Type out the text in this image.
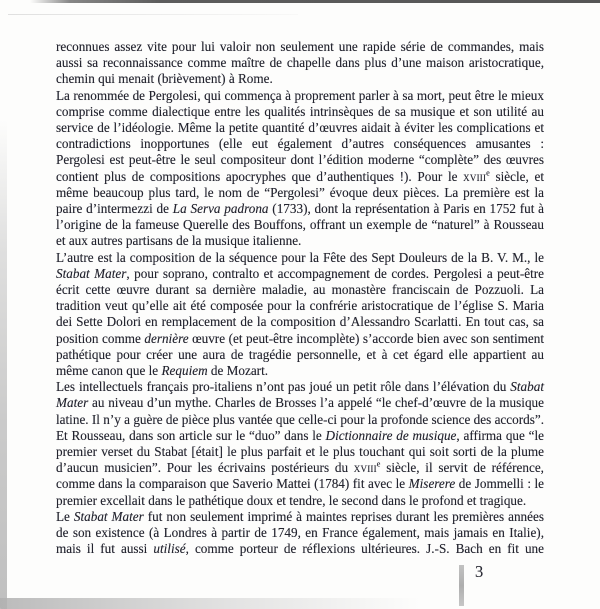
reconnues assez vite pour lui valoir non seulement une rapide série de commandes, mais aussi sa reconnaissance comme maître de chapelle dans plus d’une maison aristocratique, chemin qui menait (brièvement) à Rome.

La renommée de Pergolesi, qui commença à proprement parler à sa mort, peut être le mieux comprise comme dialectique entre les qualités intrinsèques de sa musique et son utilité au service de l’idéologie. Même la petite quantité d’œuvres aidait à éviter les complications et contradictions inopportunes (elle eut également d’autres conséquences amusantes : Pergolesi est peut-être le seul compositeur dont l’édition moderne “complète” des œuvres contient plus de compositions apocryphes que d’authentiques !). Pour le xviii$^e$ siècle, et même beaucoup plus tard, le nom de “Pergolesi” évoque deux pièces. La première est la paire d’intermezzi de La Serva padrona (1733), dont la représentation à Paris en 1752 fut à l’origine de la fameuse Querelle des Bouffons, offrant un exemple de “naturel” à Rousseau et aux autres partisans de la musique italienne.

L’autre est la composition de la séquence pour la Fête des Sept Douleurs de la B. V. M., le Stabat Mater, pour soprano, contralto et accompagnement de cordes. Pergolesi a peut-être écrit cette œuvre durant sa dernière maladie, au monastère franciscain de Pozzuoli. La tradition veut qu’elle ait été composée pour la confrérie aristocratique de l’église S. Maria dei Sette Dolori en remplacement de la composition d’Alessandro Scarlatti. En tout cas, sa position comme dernière œuvre (et peut-être incomplète) s’accorde bien avec son sentiment pathétique pour créer une aura de tragédie personnelle, et à cet égard elle appartient au même canon que le Requiem de Mozart.

Les intellectuels français pro-italiens n’ont pas joué un petit rôle dans l’élévation du Stabat Mater au niveau d’un mythe. Charles de Brosses l’a appelé “le chef-d’œuvre de la musique latine. Il n’y a guère de pièce plus vantée que celle-ci pour la profonde science des accords”. Et Rousseau, dans son article sur le “duo” dans le Dictionnaire de musique, affirma que “le premier verset du Stabat [était] le plus parfait et le plus touchant qui soit sorti de la plume d’aucun musicien”. Pour les écrivains postérieurs du xviii$^e$ siècle, il servit de référence, comme dans la comparaison que Saverio Mattei (1784) fit avec le Miserere de Jommelli : le premier excellait dans le pathétique doux et tendre, le second dans le profond et tragique.

Le Stabat Mater fut non seulement imprimé à maintes reprises durant les premières années de son existence (à Londres à partir de 1749, en France également, mais jamais en Italie), mais il fut aussi utilisé, comme porteur de réflexions ultérieures. J.-S. Bach en fit une

3
